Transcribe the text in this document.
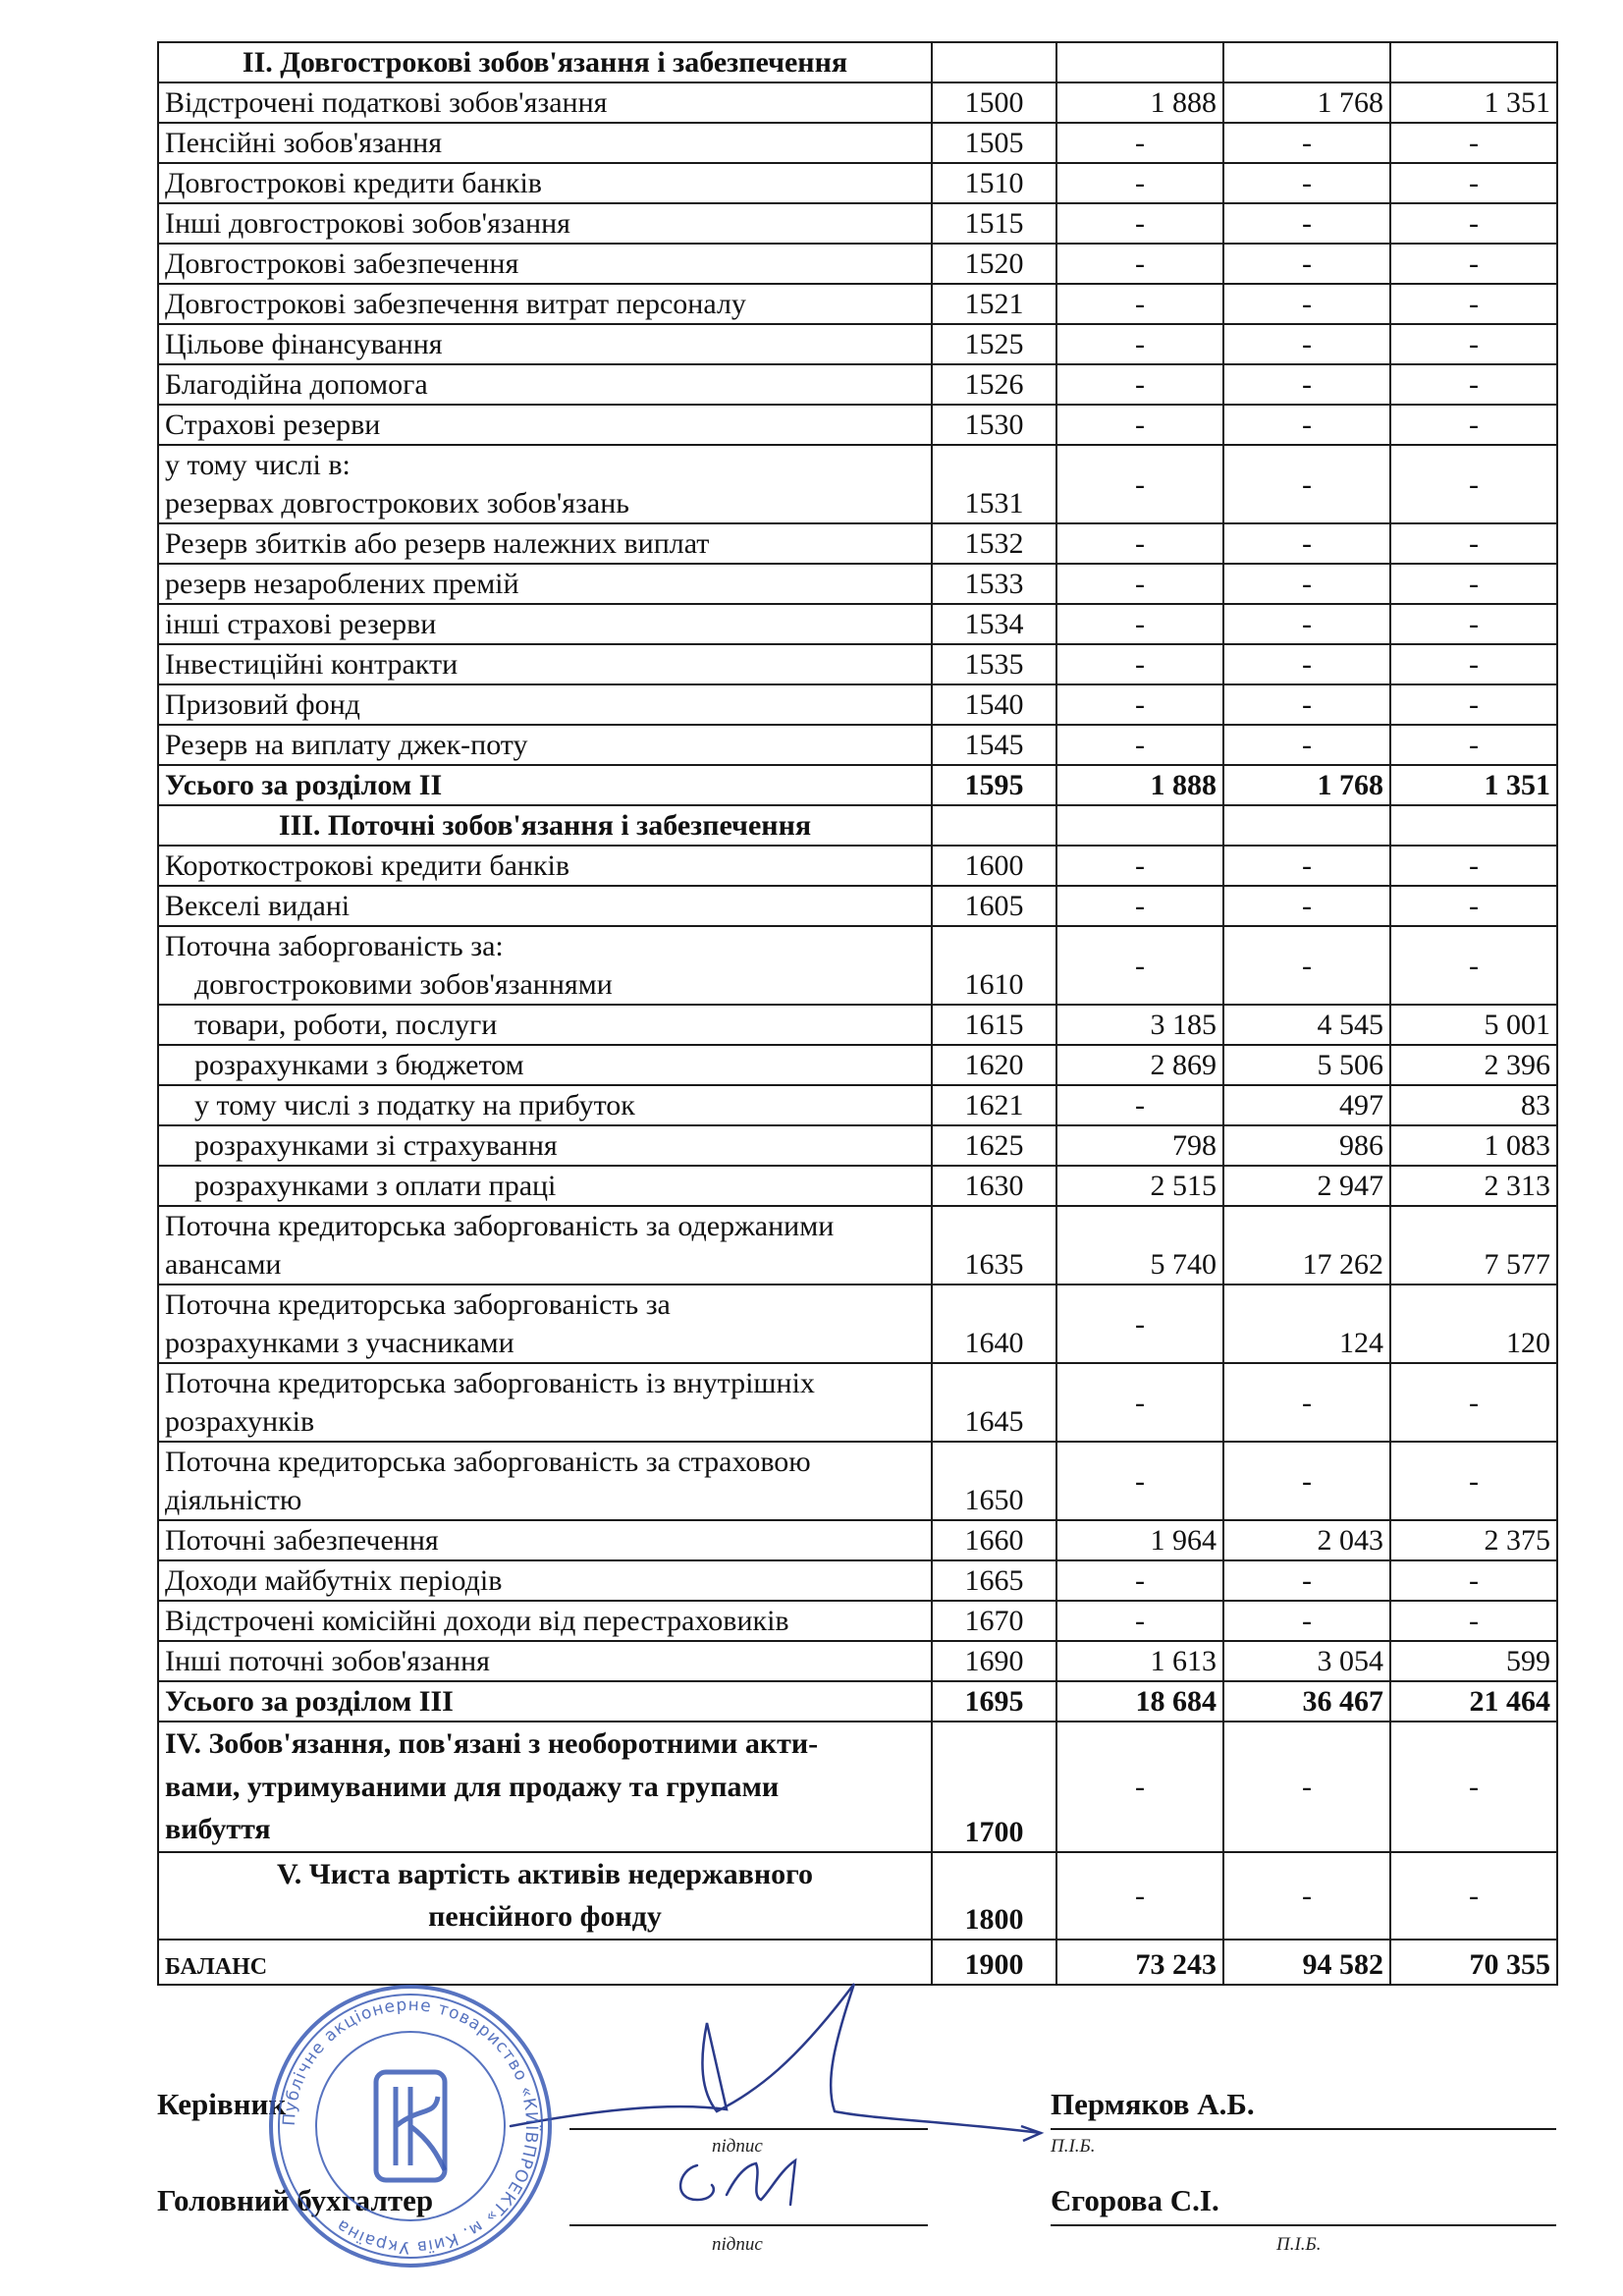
II. Довгострокові зобов'язання і забезпечення				
Відстрочені податкові зобов'язання	1500	1 888	1 768	1 351
Пенсійні зобов'язання	1505	-	-	-
Довгострокові кредити банків	1510	-	-	-
Інші довгострокові зобов'язання	1515	-	-	-
Довгострокові забезпечення	1520	-	-	-
Довгострокові забезпечення витрат персоналу	1521	-	-	-
Цільове фінансування	1525	-	-	-
Благодійна допомога	1526	-	-	-
Страхові резерви	1530	-	-	-

у тому числі в:
резервах довгострокових зобов'язань	1531	-	-	-
Резерв збитків або резерв належних виплат	1532	-	-	-
резерв незароблених премій	1533	-	-	-
інші страхові резерви	1534	-	-	-
Інвестиційні контракти	1535	-	-	-
Призовий фонд	1540	-	-	-
Резерв на виплату джек-поту	1545	-	-	-
Усього за розділом II	1595	1 888	1 768	1 351
III. Поточні зобов'язання і забезпечення				
Короткострокові кредити банків	1600	-	-	-
Векселі видані	1605	-	-	-

Поточна заборгованість за:
довгостроковими зобов'язаннями	1610	-	-	-
товари, роботи, послуги	1615	3 185	4 545	5 001
розрахунками з бюджетом	1620	2 869	5 506	2 396
у тому числі з податку на прибуток	1621	-	497	83
розрахунками зі страхування	1625	798	986	1 083
розрахунками з оплати праці	1630	2 515	2 947	2 313

Поточна кредиторська заборгованість за одержаними
авансами	1635	5 740	17 262	7 577

Поточна кредиторська заборгованість за
розрахунками з учасниками	1640	-	124	120

Поточна кредиторська заборгованість із внутрішніх
розрахунків	1645	-	-	-

Поточна кредиторська заборгованість за страховою
діяльністю	1650	-	-	-
Поточні забезпечення	1660	1 964	2 043	2 375
Доходи майбутніх періодів	1665	-	-	-
Відстрочені комісійні доходи від перестраховиків	1670	-	-	-
Інші поточні зобов'язання	1690	1 613	3 054	599
Усього за розділом III	1695	18 684	36 467	21 464

IV. Зобов'язання, пов'язані з необоротними акти-
вами, утримуваними для продажу та групами
вибуття	1700	-	-	-

V. Чиста вартість активів недержавного
пенсійного фонду	1800	-	-	-
БАЛАНС	1900	73 243	94 582	70 355
Керівник
підпис
Пермяков А.Б.
П.І.Б.
Головний бухгалтер
підпис
Єгорова С.І.
П.І.Б.
Публічне акціонерне товариство «КИЇВПРОЕКТ» м. Київ Україна
